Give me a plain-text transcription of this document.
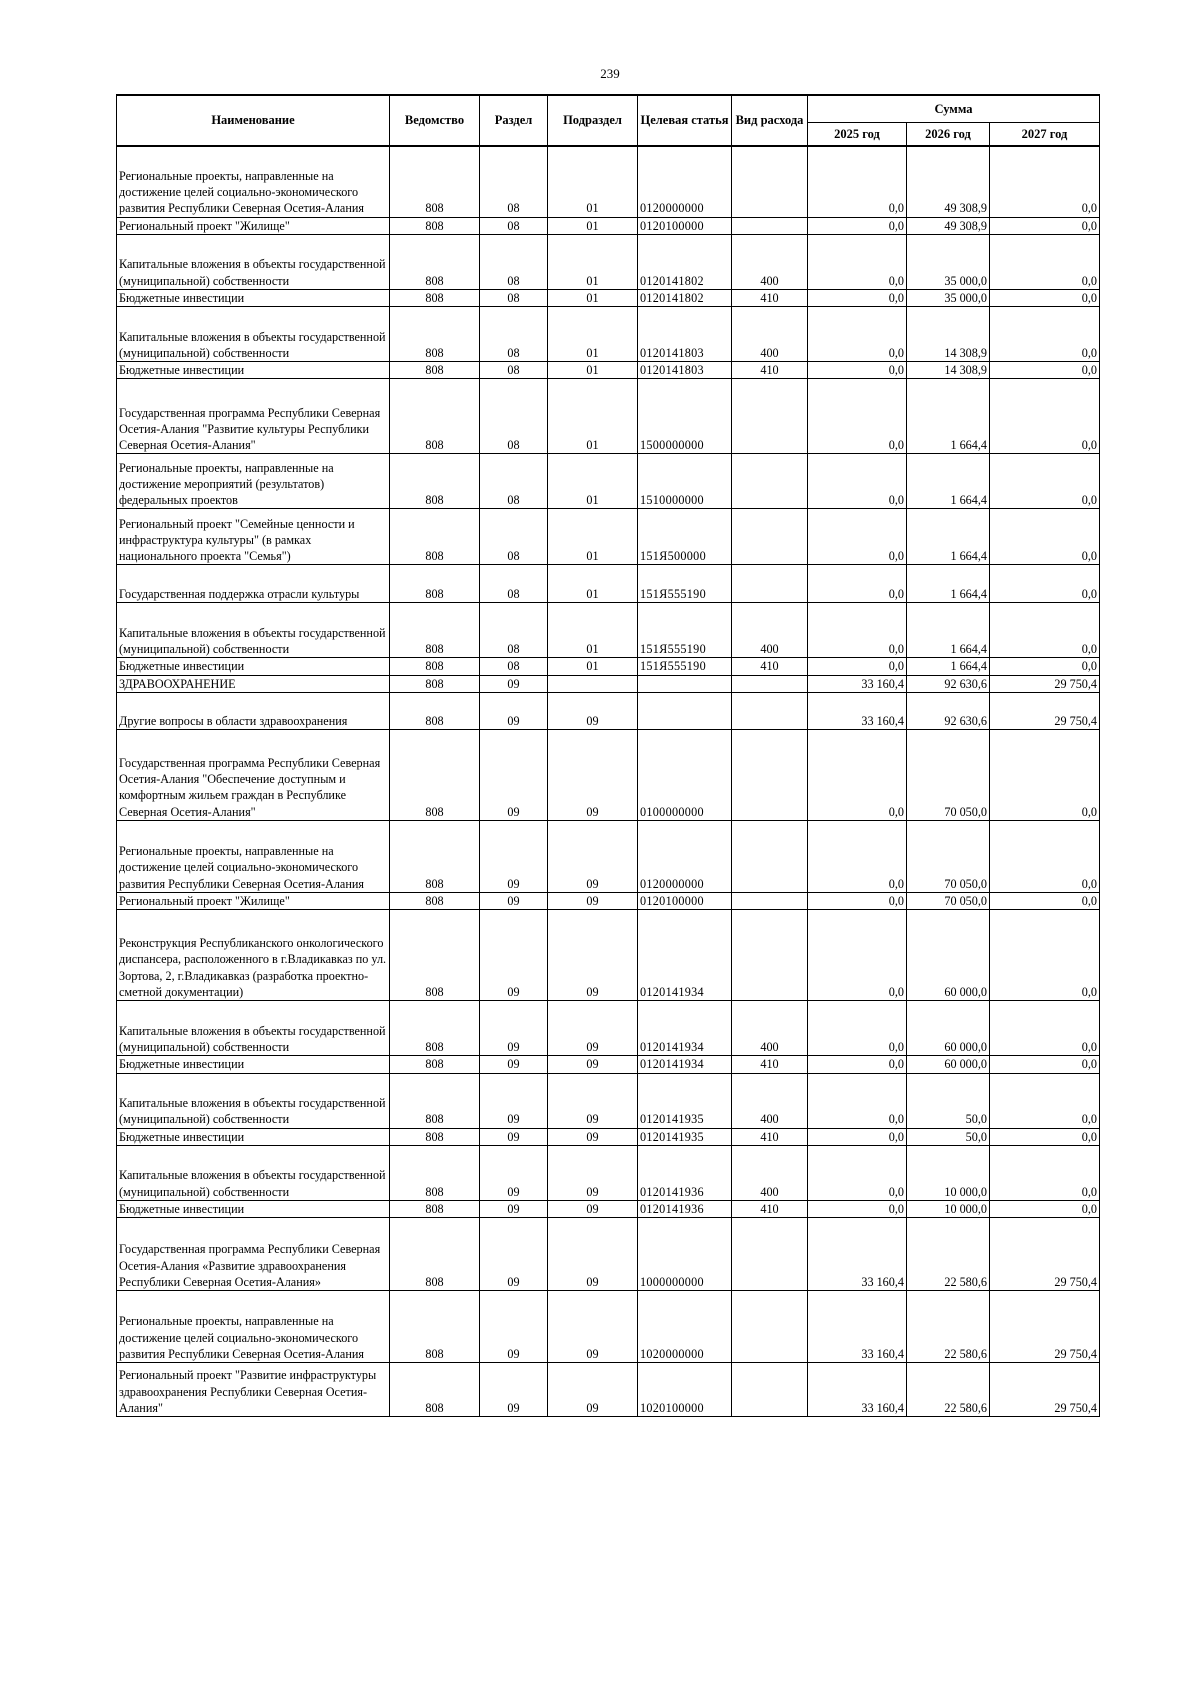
239
Наименование	Ведомство	Раздел	Подраздел	Целевая статья	Вид расхода	Сумма		
						2025 год	2026 год	2027 год
Региональные проекты, направленные на достижение целей социально-экономического развития Республики Северная Осетия-Алания	808	08	01	0120000000		0,0	49 308,9	0,0
Региональный проект "Жилище"	808	08	01	0120100000		0,0	49 308,9	0,0
Капитальные вложения в объекты государственной (муниципальной) собственности	808	08	01	0120141802	400	0,0	35 000,0	0,0
Бюджетные инвестиции	808	08	01	0120141802	410	0,0	35 000,0	0,0
Капитальные вложения в объекты государственной (муниципальной) собственности	808	08	01	0120141803	400	0,0	14 308,9	0,0
Бюджетные инвестиции	808	08	01	0120141803	410	0,0	14 308,9	0,0
Государственная программа Республики Северная Осетия-Алания "Развитие культуры Республики Северная Осетия-Алания"	808	08	01	1500000000		0,0	1 664,4	0,0
Региональные проекты, направленные на достижение мероприятий (результатов) федеральных проектов	808	08	01	1510000000		0,0	1 664,4	0,0
Региональный проект "Семейные ценности и инфраструктура культуры" (в рамках национального проекта "Семья")	808	08	01	151Я500000		0,0	1 664,4	0,0
Государственная поддержка отрасли культуры	808	08	01	151Я555190		0,0	1 664,4	0,0
Капитальные вложения в объекты государственной (муниципальной) собственности	808	08	01	151Я555190	400	0,0	1 664,4	0,0
Бюджетные инвестиции	808	08	01	151Я555190	410	0,0	1 664,4	0,0
ЗДРАВООХРАНЕНИЕ	808	09				33 160,4	92 630,6	29 750,4
Другие вопросы в области здравоохранения	808	09	09			33 160,4	92 630,6	29 750,4
Государственная программа Республики Северная Осетия-Алания "Обеспечение доступным и комфортным жильем граждан в Республике Северная Осетия-Алания"	808	09	09	0100000000		0,0	70 050,0	0,0
Региональные проекты, направленные на достижение целей социально-экономического развития Республики Северная Осетия-Алания	808	09	09	0120000000		0,0	70 050,0	0,0
Региональный проект "Жилище"	808	09	09	0120100000		0,0	70 050,0	0,0
Реконструкция Республиканского онкологического диспансера, расположенного в г.Владикавказ по ул. Зортова, 2, г.Владикавказ (разработка проектно-сметной документации)	808	09	09	0120141934		0,0	60 000,0	0,0
Капитальные вложения в объекты государственной (муниципальной) собственности	808	09	09	0120141934	400	0,0	60 000,0	0,0
Бюджетные инвестиции	808	09	09	0120141934	410	0,0	60 000,0	0,0
Капитальные вложения в объекты государственной (муниципальной) собственности	808	09	09	0120141935	400	0,0	50,0	0,0
Бюджетные инвестиции	808	09	09	0120141935	410	0,0	50,0	0,0
Капитальные вложения в объекты государственной (муниципальной) собственности	808	09	09	0120141936	400	0,0	10 000,0	0,0
Бюджетные инвестиции	808	09	09	0120141936	410	0,0	10 000,0	0,0
Государственная программа Республики Северная Осетия-Алания «Развитие здравоохранения Республики Северная Осетия-Алания»	808	09	09	1000000000		33 160,4	22 580,6	29 750,4
Региональные проекты, направленные на достижение целей социально-экономического развития Республики Северная Осетия-Алания	808	09	09	1020000000		33 160,4	22 580,6	29 750,4
Региональный проект "Развитие инфраструктуры здравоохранения Республики Северная Осетия-Алания"	808	09	09	1020100000		33 160,4	22 580,6	29 750,4
